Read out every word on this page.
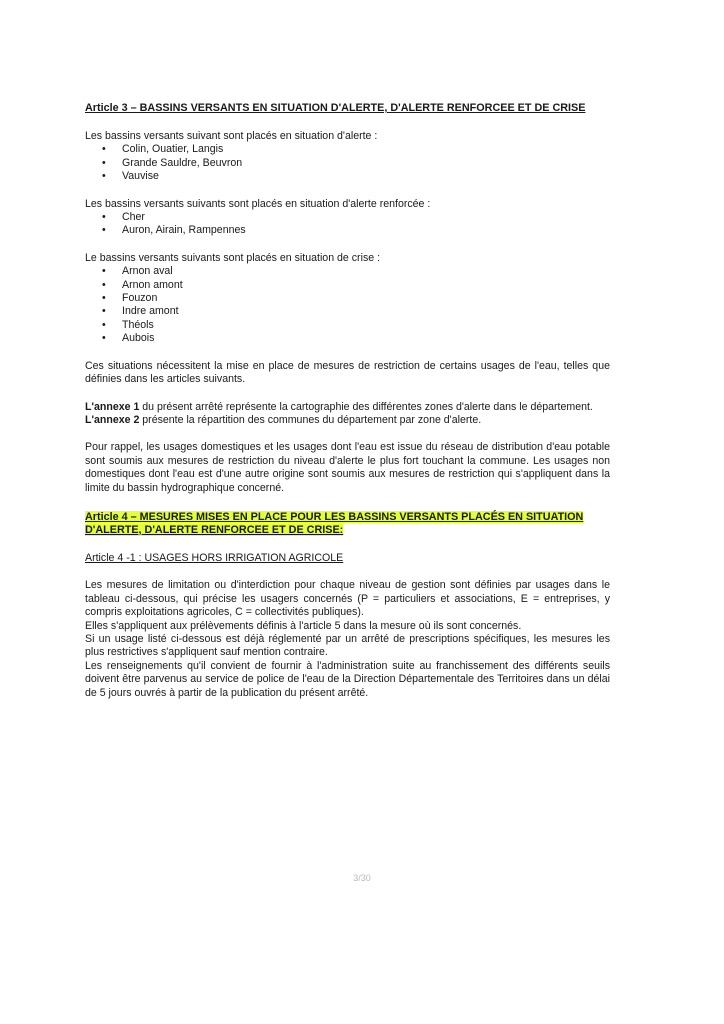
Article 3 – BASSINS VERSANTS EN SITUATION D'ALERTE, D'ALERTE RENFORCEE ET DE CRISE

Les bassins versants suivant sont placés en situation d'alerte :

• Colin, Ouatier, Langis
• Grande Sauldre, Beuvron
• Vauvise

Les bassins versants suivants sont placés en situation d'alerte renforcée :

• Cher
• Auron, Airain, Rampennes

Le bassins versants suivants sont placés en situation de crise :

• Arnon aval
• Arnon amont
• Fouzon
• Indre amont
• Théols
• Aubois

Ces situations nécessitent la mise en place de mesures de restriction de certains usages de l'eau, telles que définies dans les articles suivants.

L'annexe 1 du présent arrêté représente la cartographie des différentes zones d'alerte dans le département.

L'annexe 2 présente la répartition des communes du département par zone d'alerte.

Pour rappel, les usages domestiques et les usages dont l'eau est issue du réseau de distribution d'eau potable sont soumis aux mesures de restriction du niveau d'alerte le plus fort touchant la commune. Les usages non domestiques dont l'eau est d'une autre origine sont soumis aux mesures de restriction qui s'appliquent dans la limite du bassin hydrographique concerné.

Article 4 – MESURES MISES EN PLACE POUR LES BASSINS VERSANTS PLACÉS EN SITUATION D'ALERTE, D'ALERTE RENFORCEE ET DE CRISE:
Article 4 -1 : USAGES HORS IRRIGATION AGRICOLE

Les mesures de limitation ou d'interdiction pour chaque niveau de gestion sont définies par usages dans le tableau ci-dessous, qui précise les usagers concernés (P = particuliers et associations, E = entreprises, y compris exploitations agricoles, C = collectivités publiques).

Elles s'appliquent aux prélèvements définis à l'article 5 dans la mesure où ils sont concernés.

Si un usage listé ci-dessous est déjà réglementé par un arrêté de prescriptions spécifiques, les mesures les plus restrictives s'appliquent sauf mention contraire.

Les renseignements qu'il convient de fournir à l'administration suite au franchissement des différents seuils doivent être parvenus au service de police de l'eau de la Direction Départementale des Territoires dans un délai de 5 jours ouvrés à partir de la publication du présent arrêté.

3/30
